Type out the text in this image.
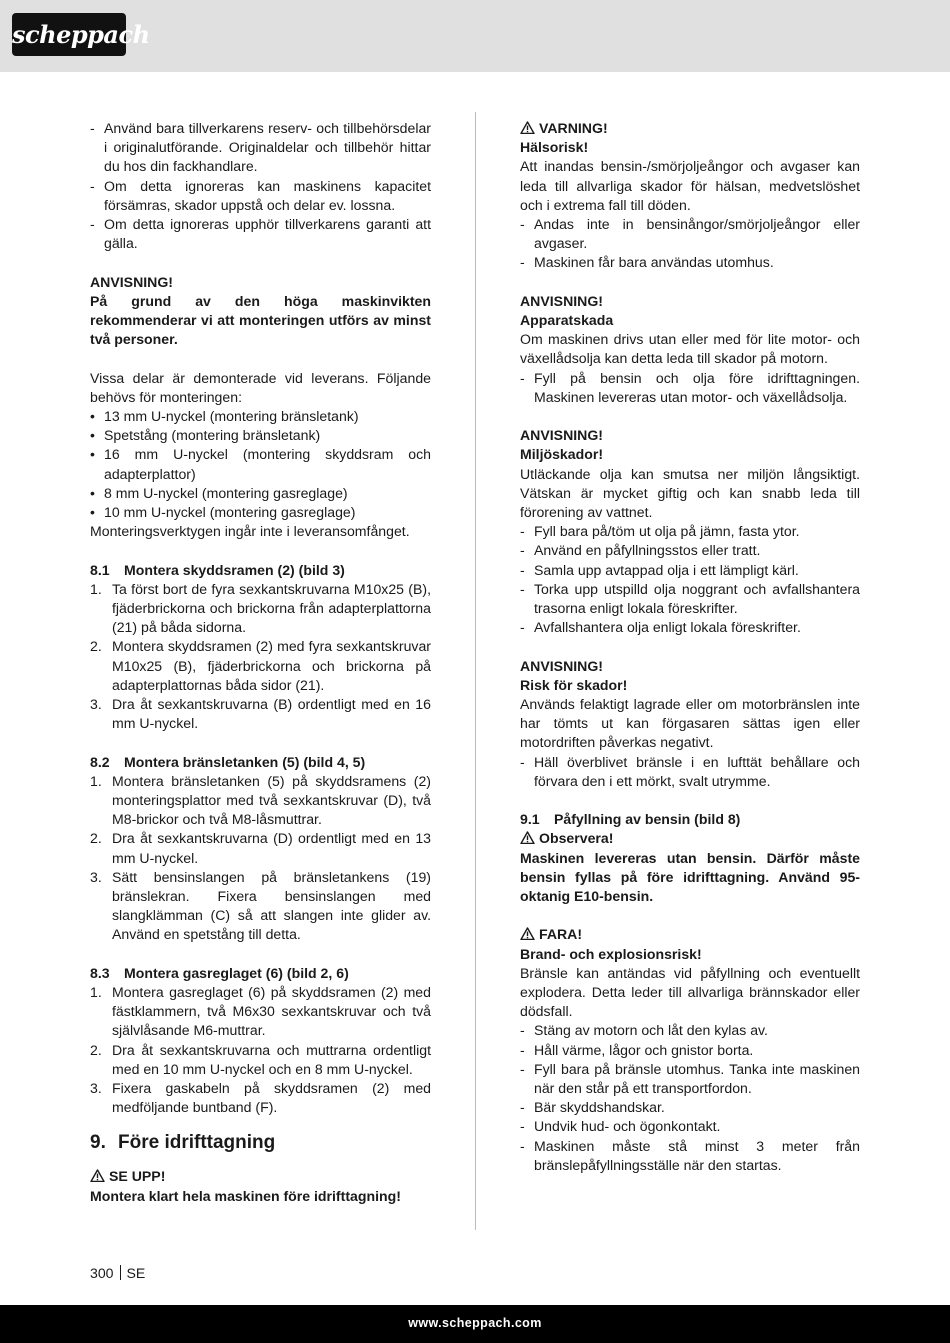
scheppach
- Använd bara tillverkarens reserv- och tillbehörsdelar i originalutförande. Originaldelar och tillbehör hittar du hos din fackhandlare.
- Om detta ignoreras kan maskinens kapacitet försämras, skador uppstå och delar ev. lossna.
- Om detta ignoreras upphör tillverkarens garanti att gälla.
ANVISNING!
På grund av den höga maskinvikten rekommenderar vi att monteringen utförs av minst två personer.
Vissa delar är demonterade vid leverans. Följande behövs för monteringen:
• 13 mm U-nyckel (montering bränsletank)
• Spetstång (montering bränsletank)
• 16 mm U-nyckel (montering skyddsram och adapterplattor)
• 8 mm U-nyckel (montering gasreglage)
• 10 mm U-nyckel (montering gasreglage)
Monteringsverktygen ingår inte i leveransomfånget.
8.1 Montera skyddsramen (2) (bild 3)
1. Ta först bort de fyra sexkantskruvarna M10x25 (B), fjäderbrickorna och brickorna från adapterplattorna (21) på båda sidorna.
2. Montera skyddsramen (2) med fyra sexkantskruvar M10x25 (B), fjäderbrickorna och brickorna på adapterplattornas båda sidor (21).
3. Dra åt sexkantskruvarna (B) ordentligt med en 16 mm U-nyckel.
8.2 Montera bränsletanken (5) (bild 4, 5)
1. Montera bränsletanken (5) på skyddsramens (2) monteringsplattor med två sexkantskruvar (D), två M8-brickor och två M8-låsmuttrar.
2. Dra åt sexkantskruvarna (D) ordentligt med en 13 mm U-nyckel.
3. Sätt bensinslangen på bränsletankens (19) bränslekran. Fixera bensinslangen med slangklämman (C) så att slangen inte glider av. Använd en spetstång till detta.
8.3 Montera gasreglaget (6) (bild 2, 6)
1. Montera gasreglaget (6) på skyddsramen (2) med fästklammern, två M6x30 sexkantskruvar och två självlåsande M6-muttrar.
2. Dra åt sexkantskruvarna och muttrarna ordentligt med en 10 mm U-nyckel och en 8 mm U-nyckel.
3. Fixera gaskabeln på skyddsramen (2) med medföljande buntband (F).
9. Före idrifttagning
SE UPP!
Montera klart hela maskinen före idrifttagning!
VARNING!
Hälsorisk!
Att inandas bensin-/smörjoljeångor och avgaser kan leda till allvarliga skador för hälsan, medvetslöshet och i extrema fall till döden.
- Andas inte in bensinångor/smörjoljeångor eller avgaser.
- Maskinen får bara användas utomhus.
ANVISNING!
Apparatskada
Om maskinen drivs utan eller med för lite motor- och växellådsolja kan detta leda till skador på motorn.
- Fyll på bensin och olja före idrifttagningen. Maskinen levereras utan motor- och växellådsolja.
ANVISNING!
Miljöskador!
Utläckande olja kan smutsa ner miljön långsiktigt. Vätskan är mycket giftig och kan snabb leda till förorening av vattnet.
- Fyll bara på/töm ut olja på jämn, fasta ytor.
- Använd en påfyllningsstos eller tratt.
- Samla upp avtappad olja i ett lämpligt kärl.
- Torka upp utspilld olja noggrant och avfallshantera trasorna enligt lokala föreskrifter.
- Avfallshantera olja enligt lokala föreskrifter.
ANVISNING!
Risk för skador!
Används felaktigt lagrade eller om motorbränslen inte har tömts ut kan förgasaren sättas igen eller motordriften påverkas negativt.
- Häll överblivet bränsle i en lufttät behållare och förvara den i ett mörkt, svalt utrymme.
9.1 Påfyllning av bensin (bild 8)
Observera!
Maskinen levereras utan bensin. Därför måste bensin fyllas på före idrifttagning. Använd 95-oktanig E10-bensin.
FARA!
Brand- och explosionsrisk!
Bränsle kan antändas vid påfyllning och eventuellt explodera. Detta leder till allvarliga brännskador eller dödsfall.
- Stäng av motorn och låt den kylas av.
- Håll värme, lågor och gnistor borta.
- Fyll bara på bränsle utomhus. Tanka inte maskinen när den står på ett transportfordon.
- Bär skyddshandskar.
- Undvik hud- och ögonkontakt.
- Maskinen måste stå minst 3 meter från bränslepåfyllningsställe när den startas.
300 SE
www.scheppach.com
